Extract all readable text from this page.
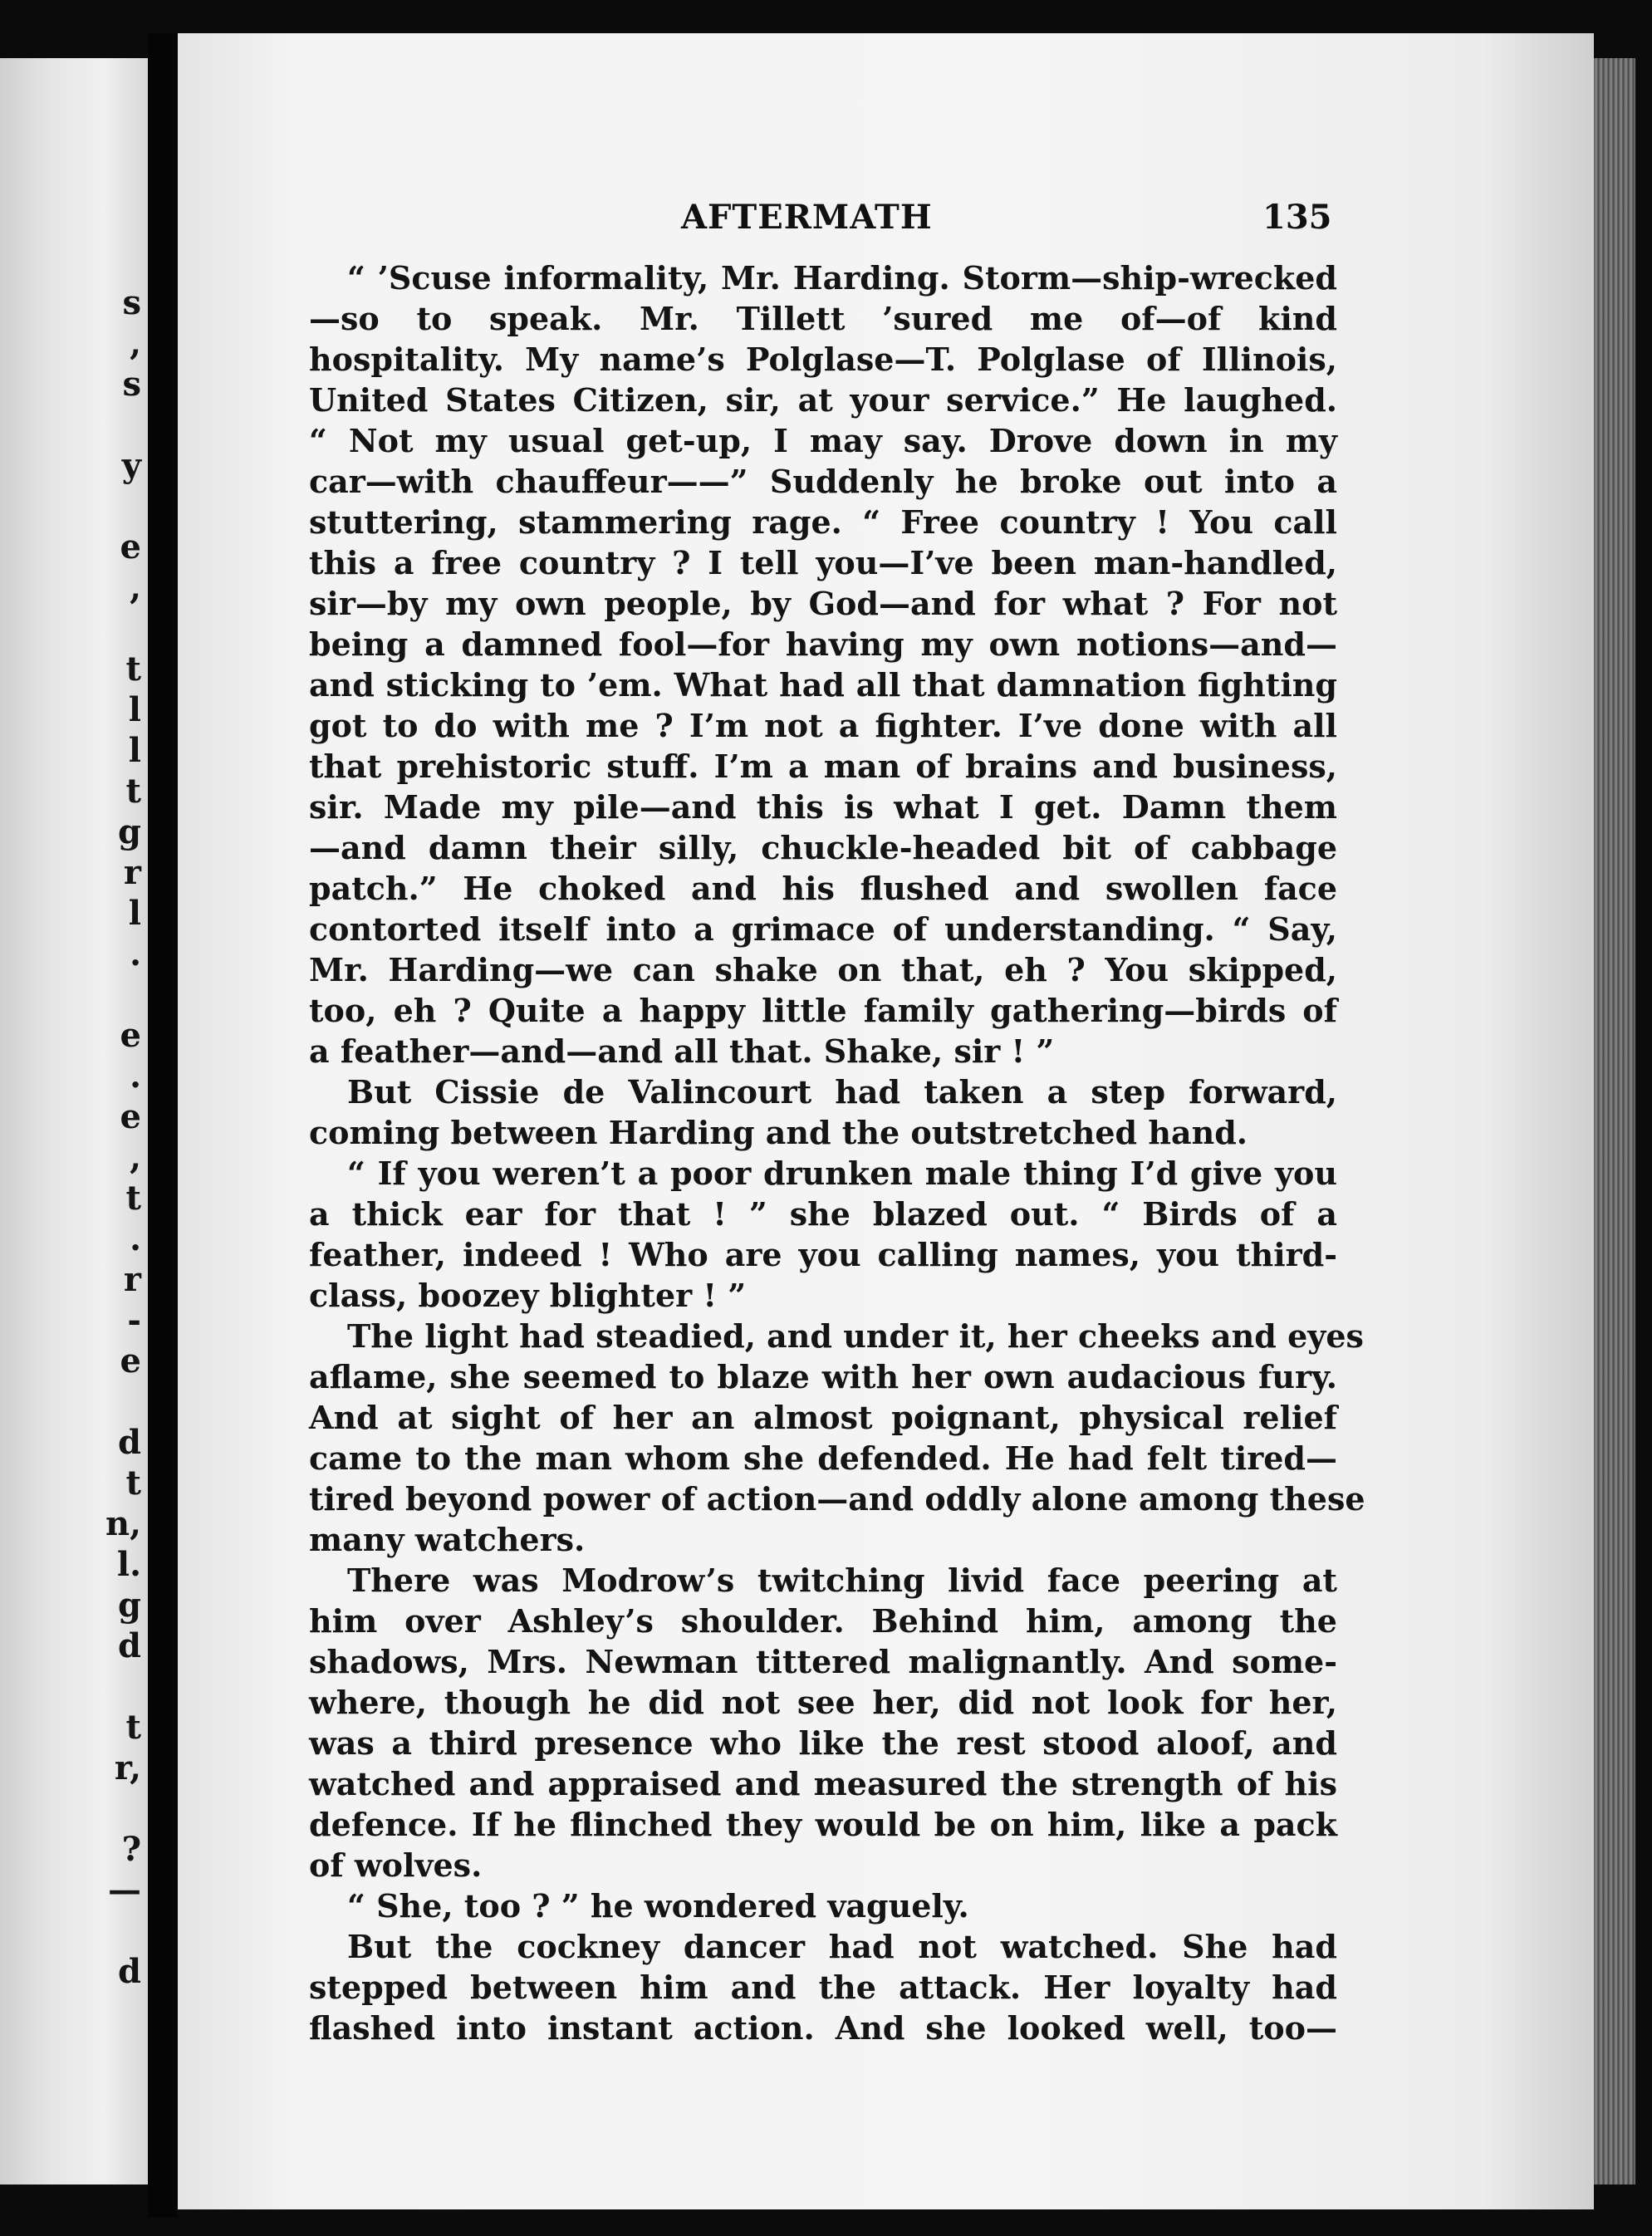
s
,
s
y
e
,
t
l
l
t
g
r
l
.
e
.
e
,
t
.
r
-
e
d
t
n,
l.
g
d
t
r,
?
—
d
AFTERMATH	135
“ ’Scuse informality, Mr. Harding. Storm—ship-wrecked
—so to speak. Mr. Tillett ’sured me of—of kind
hospitality. My name’s Polglase—T. Polglase of Illinois,
United States Citizen, sir, at your service.” He laughed.
“ Not my usual get-up, I may say. Drove down in my
car—with chauffeur——” Suddenly he broke out into a
stuttering, stammering rage. “ Free country ! You call
this a free country ? I tell you—I’ve been man-handled,
sir—by my own people, by God—and for what ? For not
being a damned fool—for having my own notions—and—
and sticking to ’em. What had all that damnation fighting
got to do with me ? I’m not a fighter. I’ve done with all
that prehistoric stuff. I’m a man of brains and business,
sir. Made my pile—and this is what I get. Damn them
—and damn their silly, chuckle-headed bit of cabbage
patch.” He choked and his flushed and swollen face
contorted itself into a grimace of understanding. “ Say,
Mr. Harding—we can shake on that, eh ? You skipped,
too, eh ? Quite a happy little family gathering—birds of
a feather—and—and all that. Shake, sir ! ”
But Cissie de Valincourt had taken a step forward,
coming between Harding and the outstretched hand.
“ If you weren’t a poor drunken male thing I’d give you
a thick ear for that ! ” she blazed out. “ Birds of a
feather, indeed ! Who are you calling names, you third-
class, boozey blighter ! ”
The light had steadied, and under it, her cheeks and eyes
aflame, she seemed to blaze with her own audacious fury.
And at sight of her an almost poignant, physical relief
came to the man whom she defended. He had felt tired—
tired beyond power of action—and oddly alone among these
many watchers.
There was Modrow’s twitching livid face peering at
him over Ashley’s shoulder. Behind him, among the
shadows, Mrs. Newman tittered malignantly. And some-
where, though he did not see her, did not look for her,
was a third presence who like the rest stood aloof, and
watched and appraised and measured the strength of his
defence. If he flinched they would be on him, like a pack
of wolves.
“ She, too ? ” he wondered vaguely.
But the cockney dancer had not watched. She had
stepped between him and the attack. Her loyalty had
flashed into instant action. And she looked well, too—
